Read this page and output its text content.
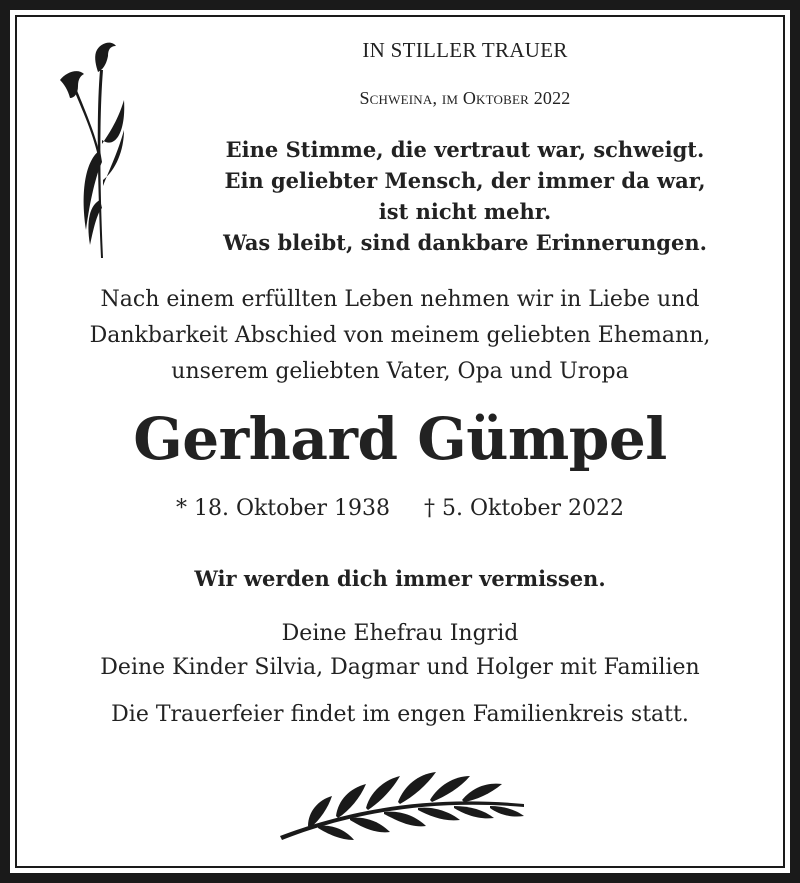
IN STILLER TRAUER
Schweina, im Oktober 2022
Eine Stimme, die vertraut war, schweigt.
Ein geliebter Mensch, der immer da war,
ist nicht mehr.
Was bleibt, sind dankbare Erinnerungen.
Nach einem erfüllten Leben nehmen wir in Liebe und
Dankbarkeit Abschied von meinem geliebten Ehemann,
unserem geliebten Vater, Opa und Uropa
Gerhard Gümpel
* 18. Oktober 1938 † 5. Oktober 2022
Wir werden dich immer vermissen.
Deine Ehefrau Ingrid
Deine Kinder Silvia, Dagmar und Holger mit Familien
Die Trauerfeier findet im engen Familienkreis statt.
